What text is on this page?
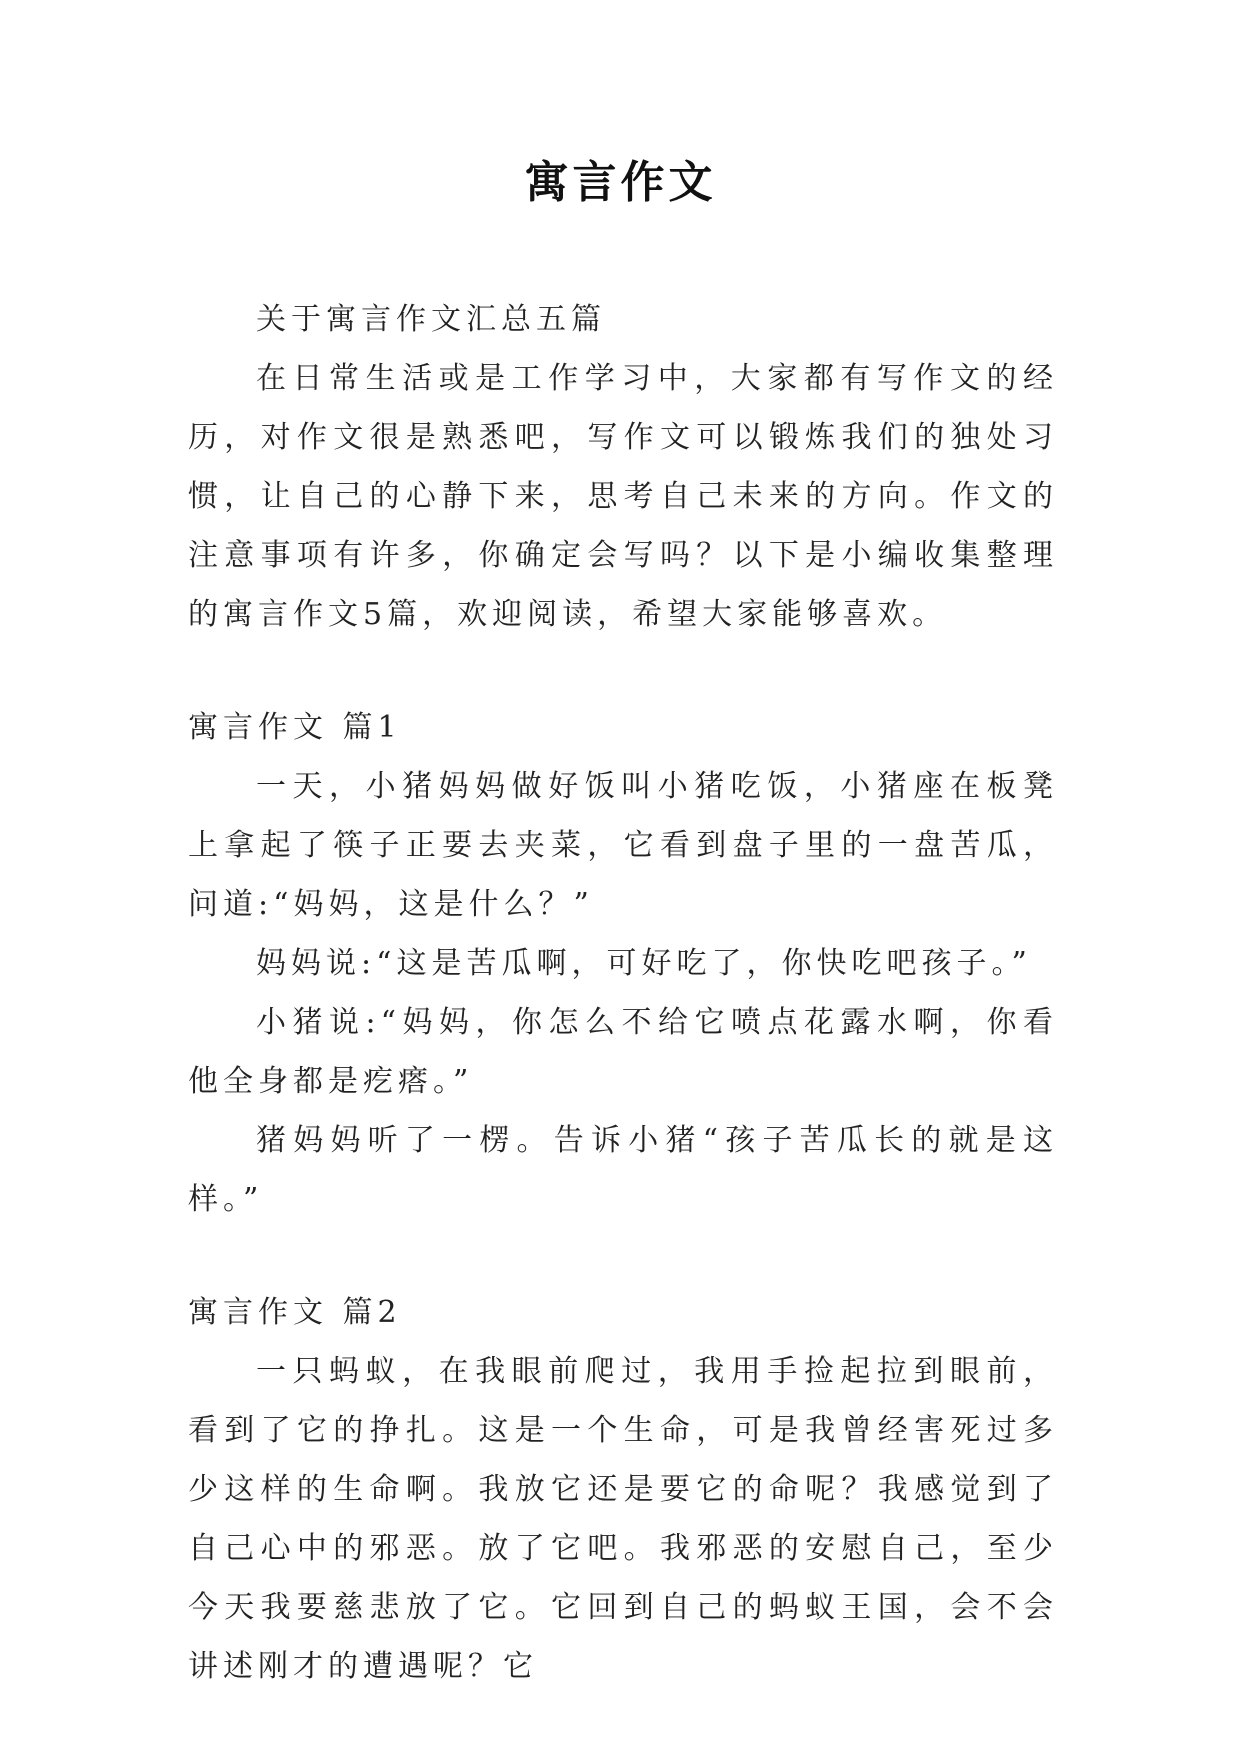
寓言作文

关于寓言作文汇总五篇

在日常生活或是工作学习中，大家都有写作文的经历，对作文很是熟悉吧，写作文可以锻炼我们的独处习惯，让自己的心静下来，思考自己未来的方向。作文的注意事项有许多，你确定会写吗？以下是小编收集整理的寓言作文5篇，欢迎阅读，希望大家能够喜欢。

寓言作文 篇1

一天，小猪妈妈做好饭叫小猪吃饭，小猪座在板凳上拿起了筷子正要去夹菜，它看到盘子里的一盘苦瓜，问道:“妈妈，这是什么？”

妈妈说:“这是苦瓜啊，可好吃了，你快吃吧孩子。”

小猪说:“妈妈，你怎么不给它喷点花露水啊，你看他全身都是疙瘩。”

猪妈妈听了一楞。告诉小猪“孩子苦瓜长的就是这样。”

寓言作文 篇2

一只蚂蚁，在我眼前爬过，我用手捡起拉到眼前，看到了它的挣扎。这是一个生命，可是我曾经害死过多少这样的生命啊。我放它还是要它的命呢？我感觉到了自己心中的邪恶。放了它吧。我邪恶的安慰自己，至少今天我要慈悲放了它。它回到自己的蚂蚁王国，会不会讲述刚才的遭遇呢？它
